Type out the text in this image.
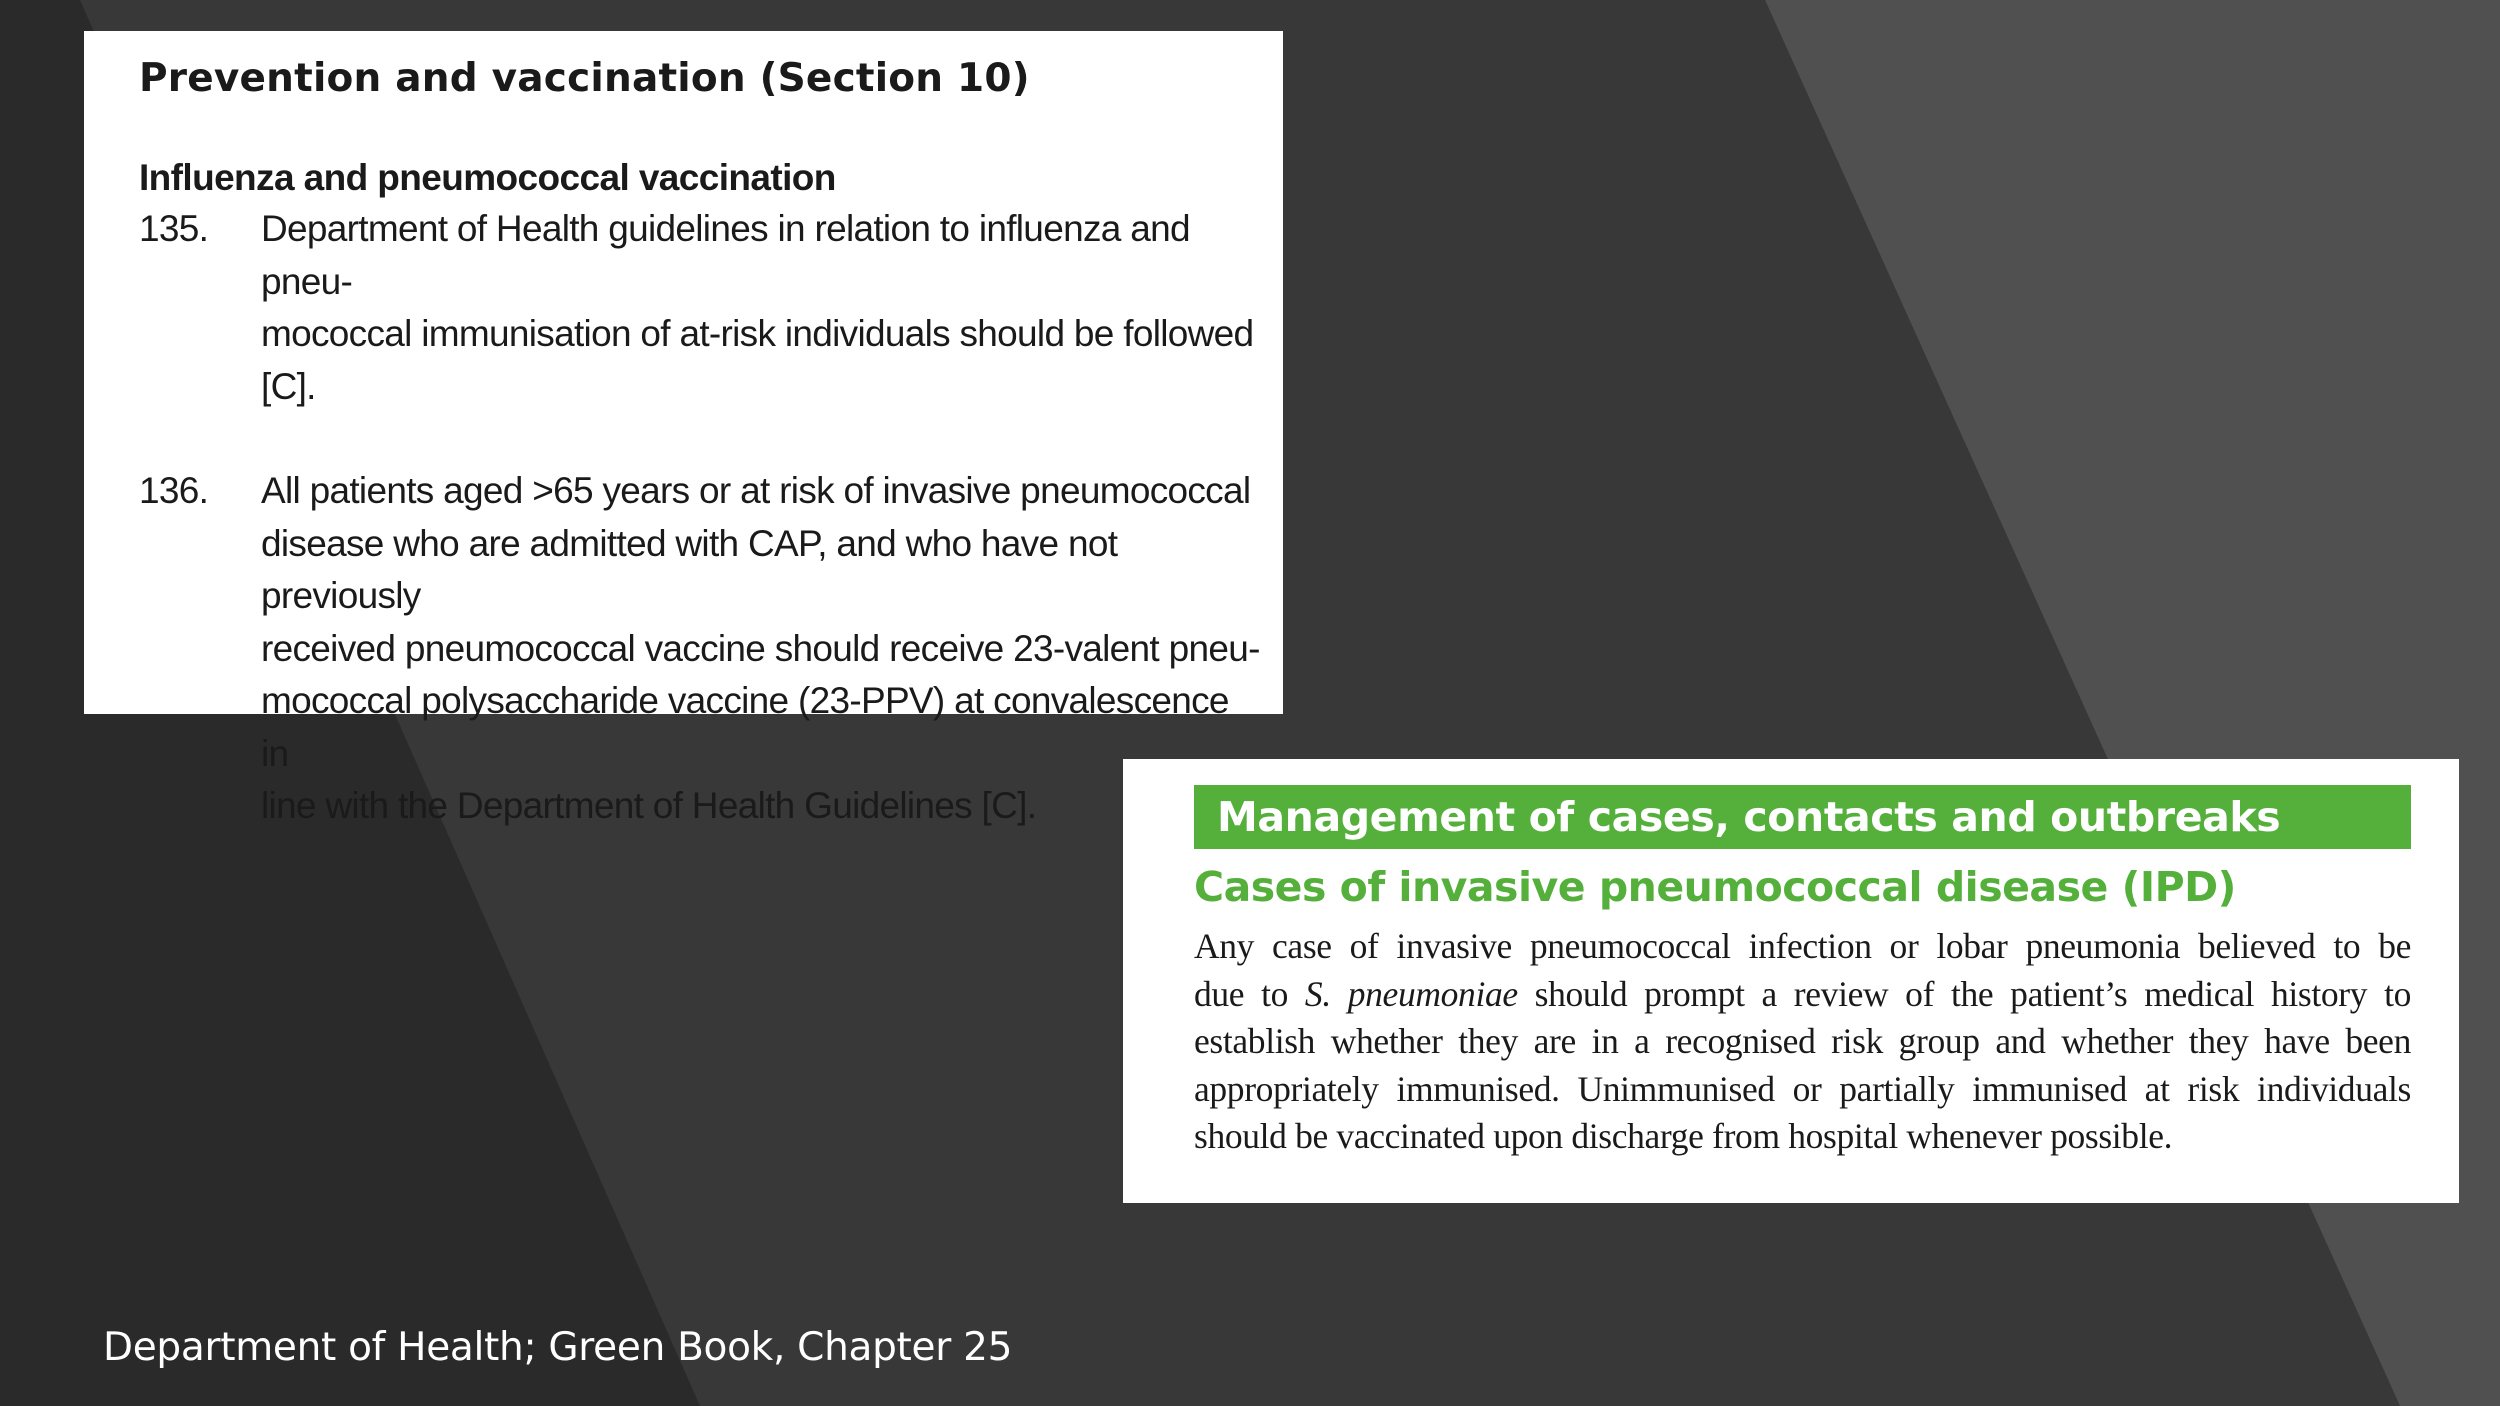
Prevention and vaccination (Section 10)
Influenza and pneumococcal vaccination
135.	Department of Health guidelines in relation to influenza and pneu-
mococcal immunisation of at-risk individuals should be followed
[C].
136.	All patients aged >65 years or at risk of invasive pneumococcal
disease who are admitted with CAP, and who have not previously
received pneumococcal vaccine should receive 23-valent pneu-
mococcal polysaccharide vaccine (23-PPV) at convalescence in
line with the Department of Health Guidelines [C].	Management of cases, contacts and outbreaks
Cases of invasive pneumococcal disease (IPD)
Any case of invasive pneumococcal infection or lobar pneumonia believed to be
due to S. pneumoniae should prompt a review of the patient’s medical history to
establish whether they are in a recognised risk group and whether they have been
appropriately immunised. Unimmunised or partially immunised at risk individuals
should be vaccinated upon discharge from hospital whenever possible.
Department of Health; Green Book, Chapter 25
